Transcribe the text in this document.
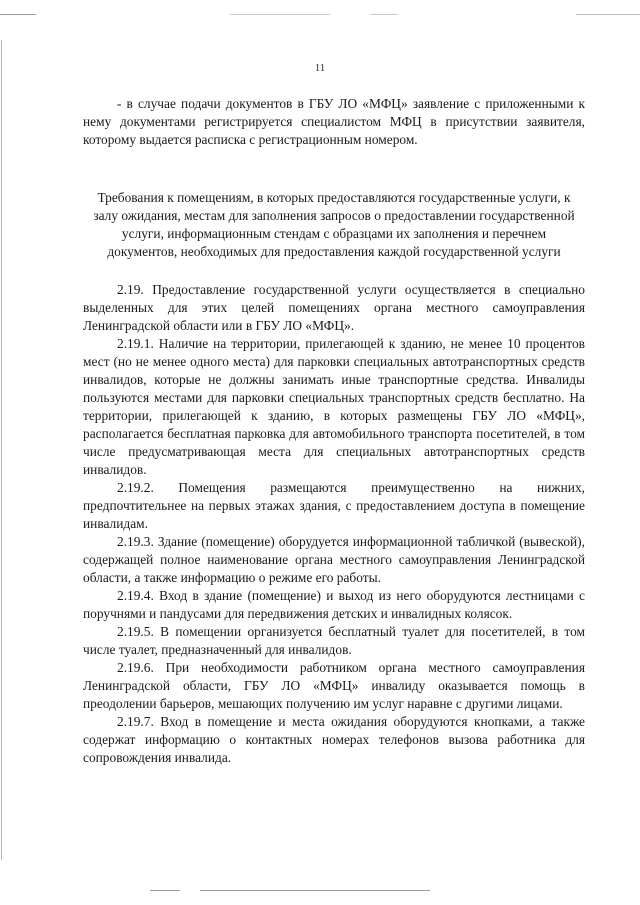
11

- в случае подачи документов в ГБУ ЛО «МФЦ» заявление с приложенными к нему документами регистрируется специалистом МФЦ в присутствии заявителя, которому выдается расписка с регистрационным номером.

Требования к помещениям, в которых предоставляются государственные услуги, к залу ожидания, местам для заполнения запросов о предоставлении государственной услуги, информационным стендам с образцами их заполнения и перечнем документов, необходимых для предоставления каждой государственной услуги

2.19. Предоставление государственной услуги осуществляется в специально выделенных для этих целей помещениях органа местного самоуправления Ленинградской области или в ГБУ ЛО «МФЦ».

2.19.1. Наличие на территории, прилегающей к зданию, не менее 10 процентов мест (но не менее одного места) для парковки специальных автотранспортных средств инвалидов, которые не должны занимать иные транспортные средства. Инвалиды пользуются местами для парковки специальных транспортных средств бесплатно. На территории, прилегающей к зданию, в которых размещены ГБУ ЛО «МФЦ», располагается бесплатная парковка для автомобильного транспорта посетителей, в том числе предусматривающая места для специальных автотранспортных средств инвалидов.

2.19.2. Помещения размещаются преимущественно на нижних, предпочтительнее на первых этажах здания, с предоставлением доступа в помещение инвалидам.

2.19.3. Здание (помещение) оборудуется информационной табличкой (вывеской), содержащей полное наименование органа местного самоуправления Ленинградской области, а также информацию о режиме его работы.

2.19.4. Вход в здание (помещение) и выход из него оборудуются лестницами с поручнями и пандусами для передвижения детских и инвалидных колясок.

2.19.5. В помещении организуется бесплатный туалет для посетителей, в том числе туалет, предназначенный для инвалидов.

2.19.6. При необходимости работником органа местного самоуправления Ленинградской области, ГБУ ЛО «МФЦ» инвалиду оказывается помощь в преодолении барьеров, мешающих получению им услуг наравне с другими лицами.

2.19.7. Вход в помещение и места ожидания оборудуются кнопками, а также содержат информацию о контактных номерах телефонов вызова работника для сопровождения инвалида.
